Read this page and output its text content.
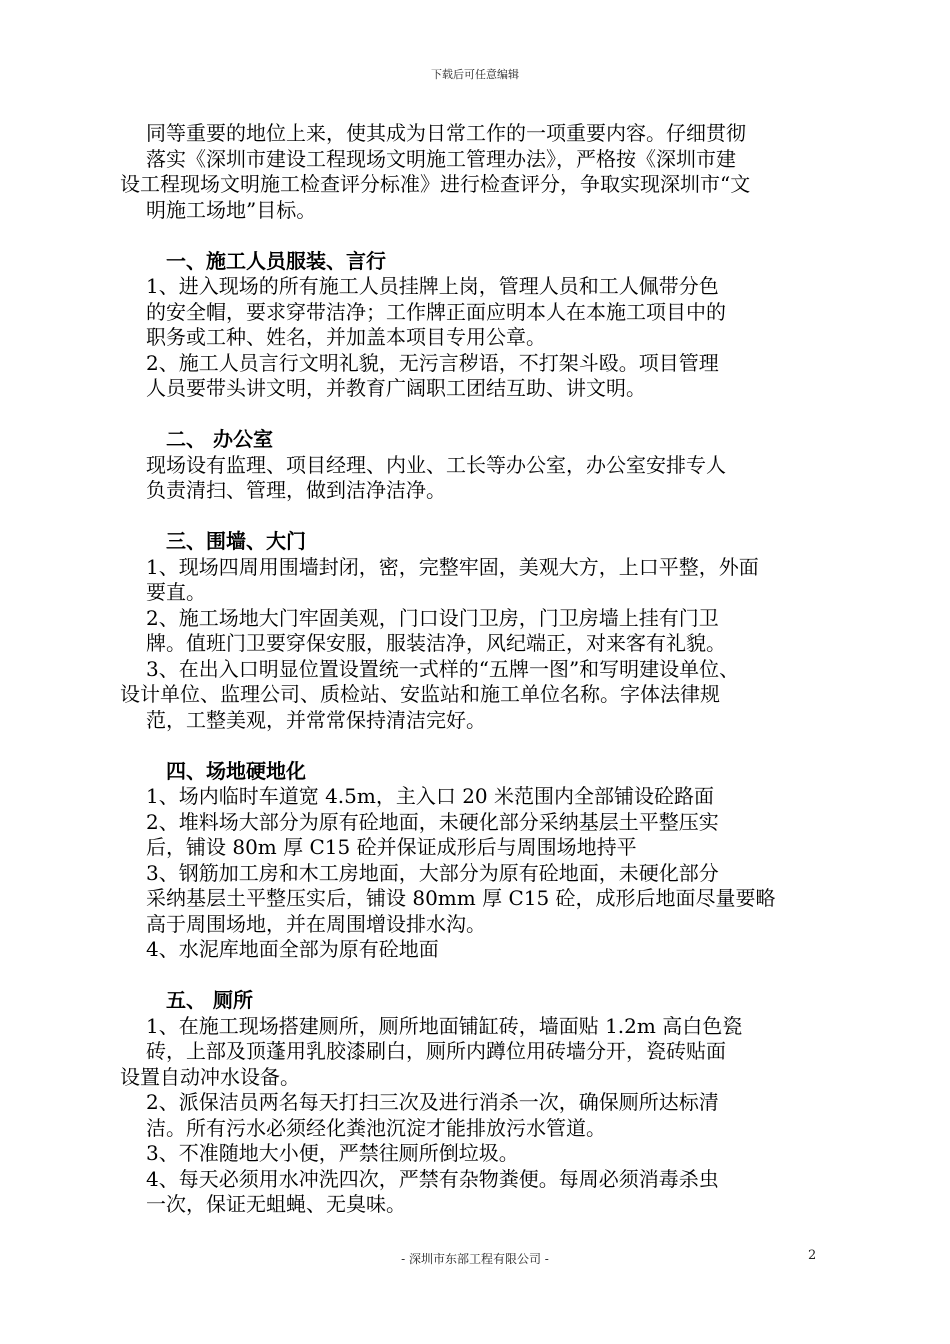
下载后可任意编辑

同等重要的地位上来，使其成为日常工作的一项重要内容。仔细贯彻

落实《深圳市建设工程现场文明施工管理办法》，严格按《深圳市建

设工程现场文明施工检查评分标准》进行检查评分，争取实现深圳市“文

明施工场地”目标。

一、施工人员服装、言行

1、进入现场的所有施工人员挂牌上岗，管理人员和工人佩带分色

的安全帽，要求穿带洁净；工作牌正面应明本人在本施工项目中的

职务或工种、姓名，并加盖本项目专用公章。

2、施工人员言行文明礼貌，无污言秽语，不打架斗殴。项目管理

人员要带头讲文明，并教育广阔职工团结互助、讲文明。

二、 办公室

现场设有监理、项目经理、内业、工长等办公室，办公室安排专人

负责清扫、管理，做到洁净洁净。

三、围墙、大门

1、现场四周用围墙封闭，密，完整牢固，美观大方，上口平整，外面

要直。

2、施工场地大门牢固美观，门口设门卫房，门卫房墙上挂有门卫

牌。值班门卫要穿保安服，服装洁净，风纪端正，对来客有礼貌。

3、在出入口明显位置设置统一式样的“五牌一图”和写明建设单位、

设计单位、监理公司、质检站、安监站和施工单位名称。字体法律规

范，工整美观，并常常保持清洁完好。

四、场地硬地化

1、场内临时车道宽 4.5m，主入口 20 米范围内全部铺设砼路面

2、堆料场大部分为原有砼地面，未硬化部分采纳基层土平整压实

后，铺设 80m 厚 C15 砼并保证成形后与周围场地持平

3、钢筋加工房和木工房地面，大部分为原有砼地面，未硬化部分

采纳基层土平整压实后，铺设 80mm 厚 C15 砼，成形后地面尽量要略

高于周围场地，并在周围增设排水沟。

4、水泥库地面全部为原有砼地面

五、 厕所

1、在施工现场搭建厕所，厕所地面铺缸砖，墙面贴 1.2m 高白色瓷

砖，上部及顶蓬用乳胶漆刷白，厕所内蹲位用砖墙分开，瓷砖贴面

设置自动冲水设备。

2、派保洁员两名每天打扫三次及进行消杀一次，确保厕所达标清

洁。所有污水必须经化粪池沉淀才能排放污水管道。

3、不准随地大小便，严禁往厕所倒垃圾。

4、每天必须用水冲洗四次，严禁有杂物粪便。每周必须消毒杀虫

一次，保证无蛆蝇、无臭味。

- 深圳市东部工程有限公司 -	2
